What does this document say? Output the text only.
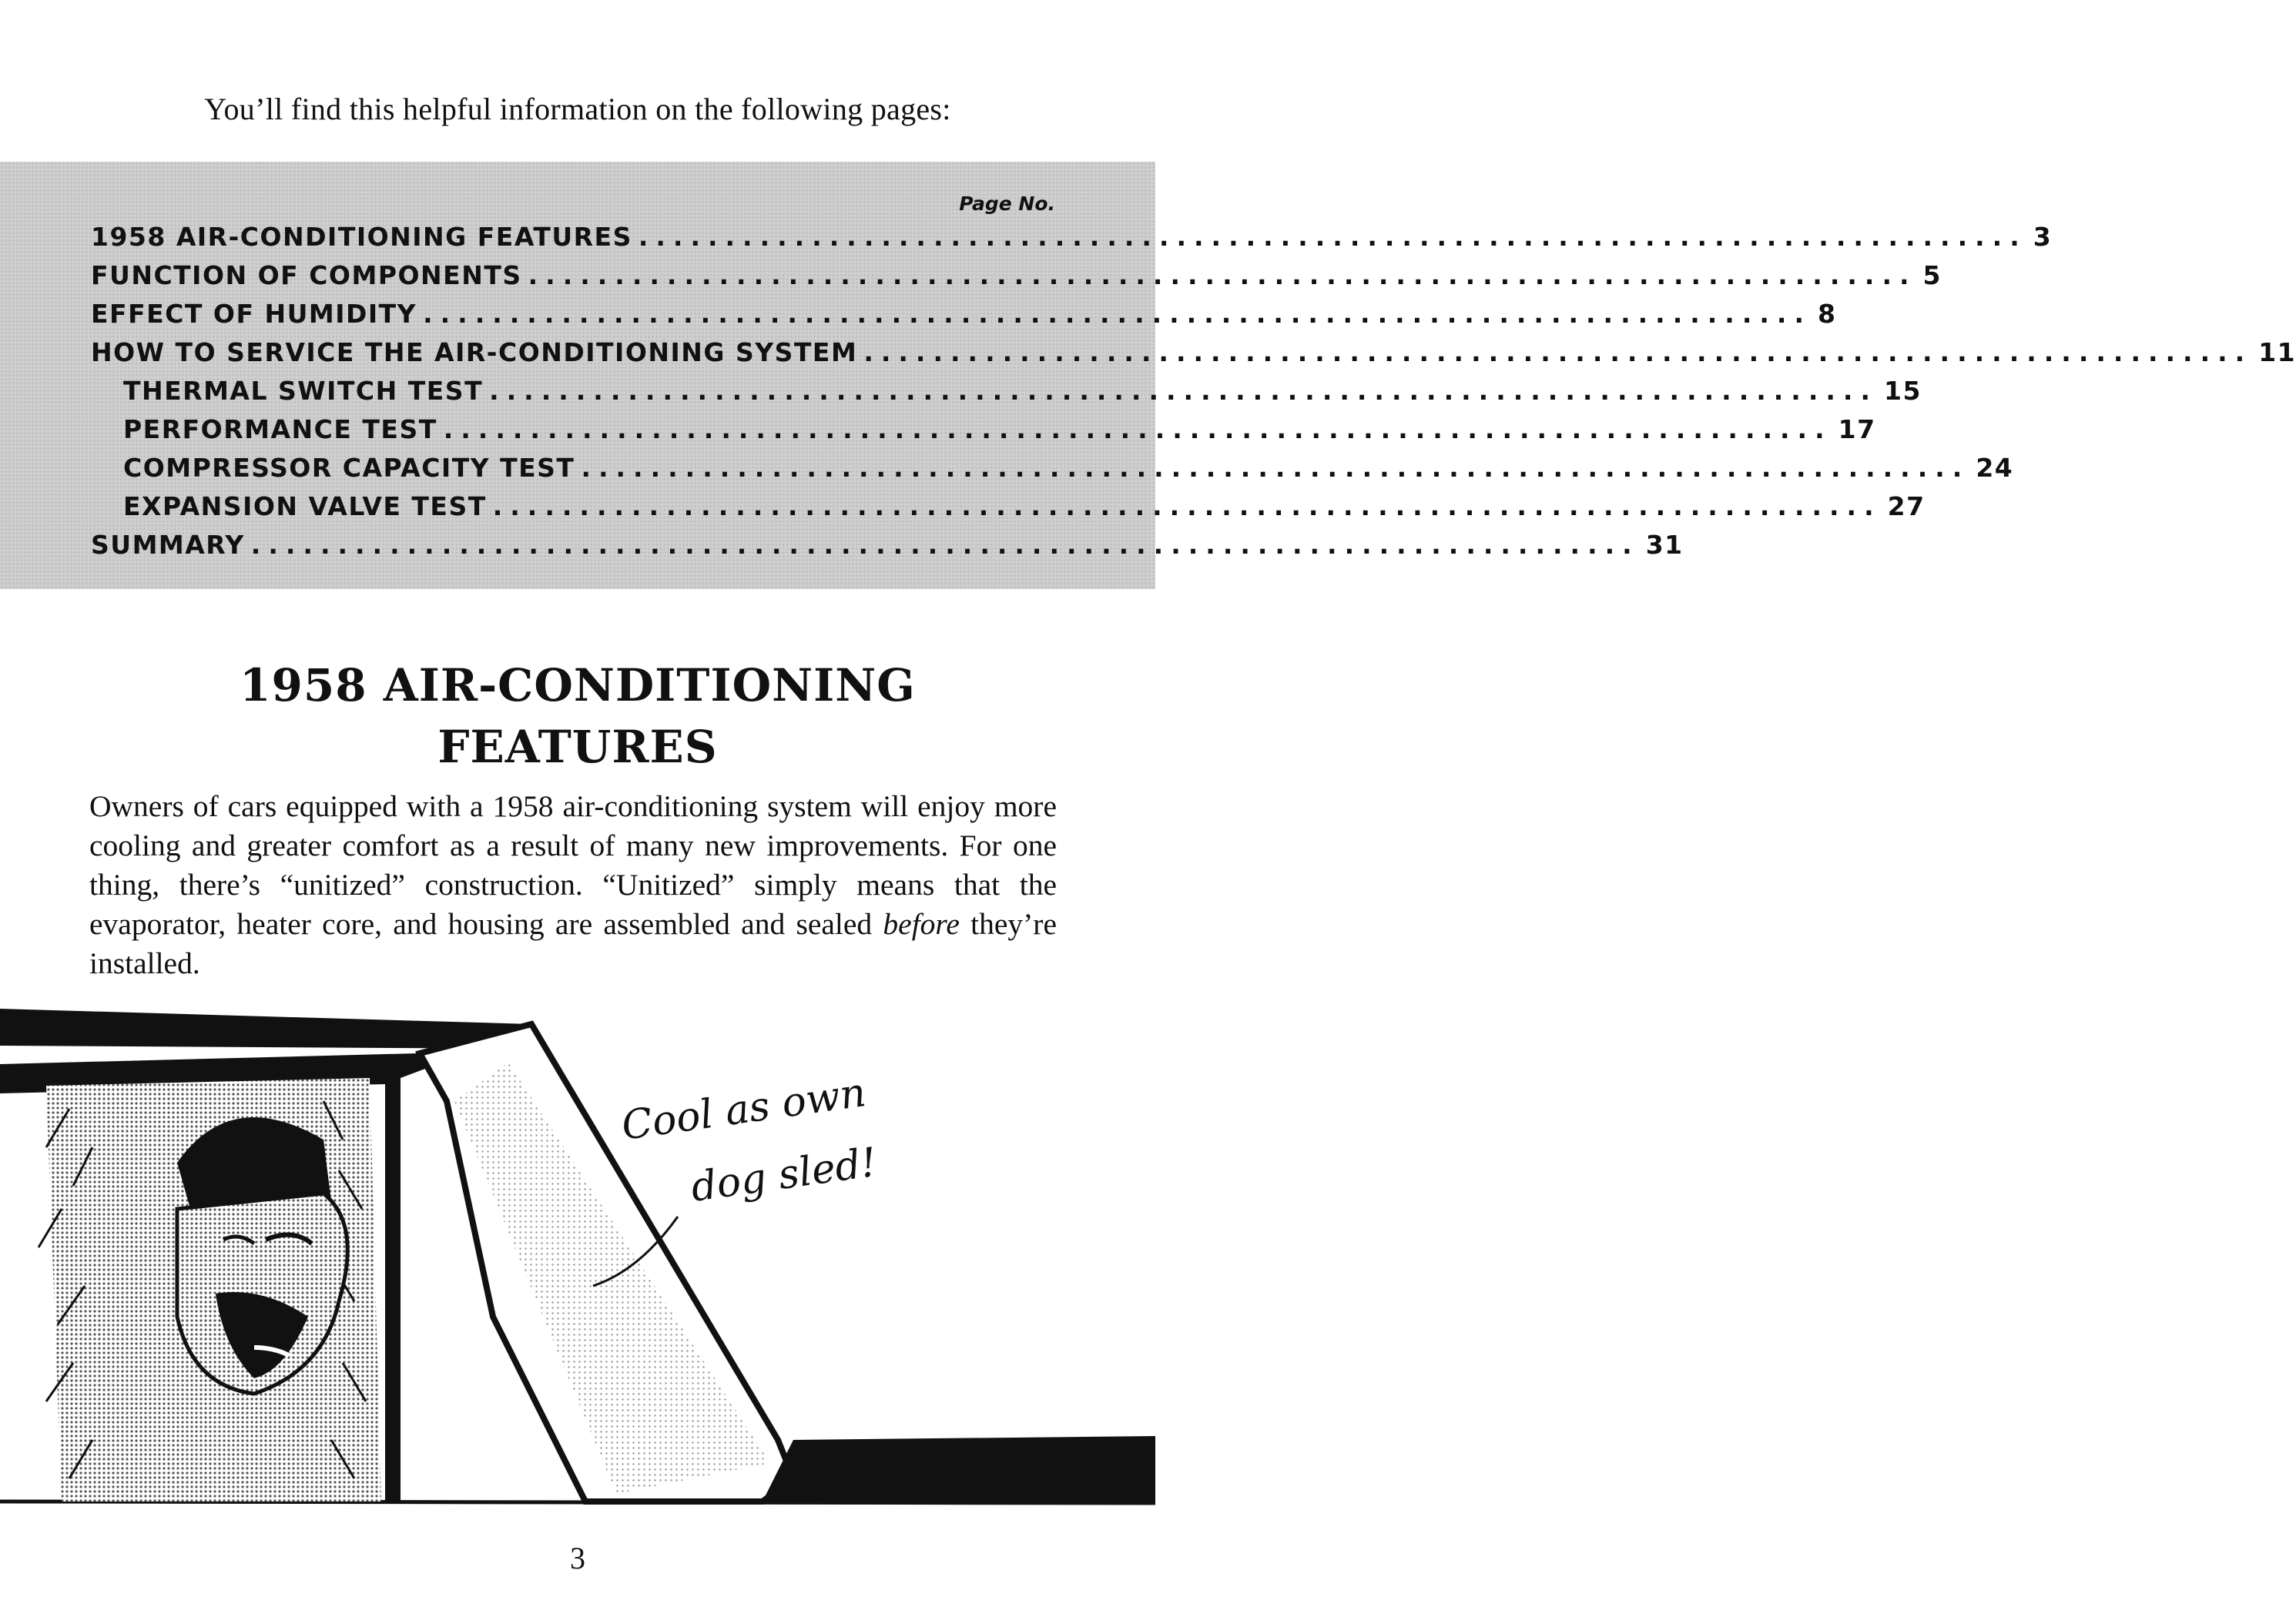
You’ll find this helpful information on the following pages:
Page No.
1958 AIR-CONDITIONING FEATURES ................................................................................ 3
FUNCTION OF COMPONENTS ................................................................................ 5
EFFECT OF HUMIDITY ................................................................................ 8
HOW TO SERVICE THE AIR-CONDITIONING SYSTEM ................................................................................ 11
THERMAL SWITCH TEST ................................................................................ 15
PERFORMANCE TEST ................................................................................ 17
COMPRESSOR CAPACITY TEST ................................................................................ 24
EXPANSION VALVE TEST ................................................................................ 27
SUMMARY ................................................................................ 31
1958 AIR-CONDITIONING
FEATURES
Owners of cars equipped with a 1958 air-conditioning system will enjoy more cooling and greater comfort as a result of many new improvements. For one thing, there’s “unitized” construction. “Unitized” simply means that the evaporator, heater core, and housing are assembled and sealed before they’re installed.
Cool as own
dog sled!
3
